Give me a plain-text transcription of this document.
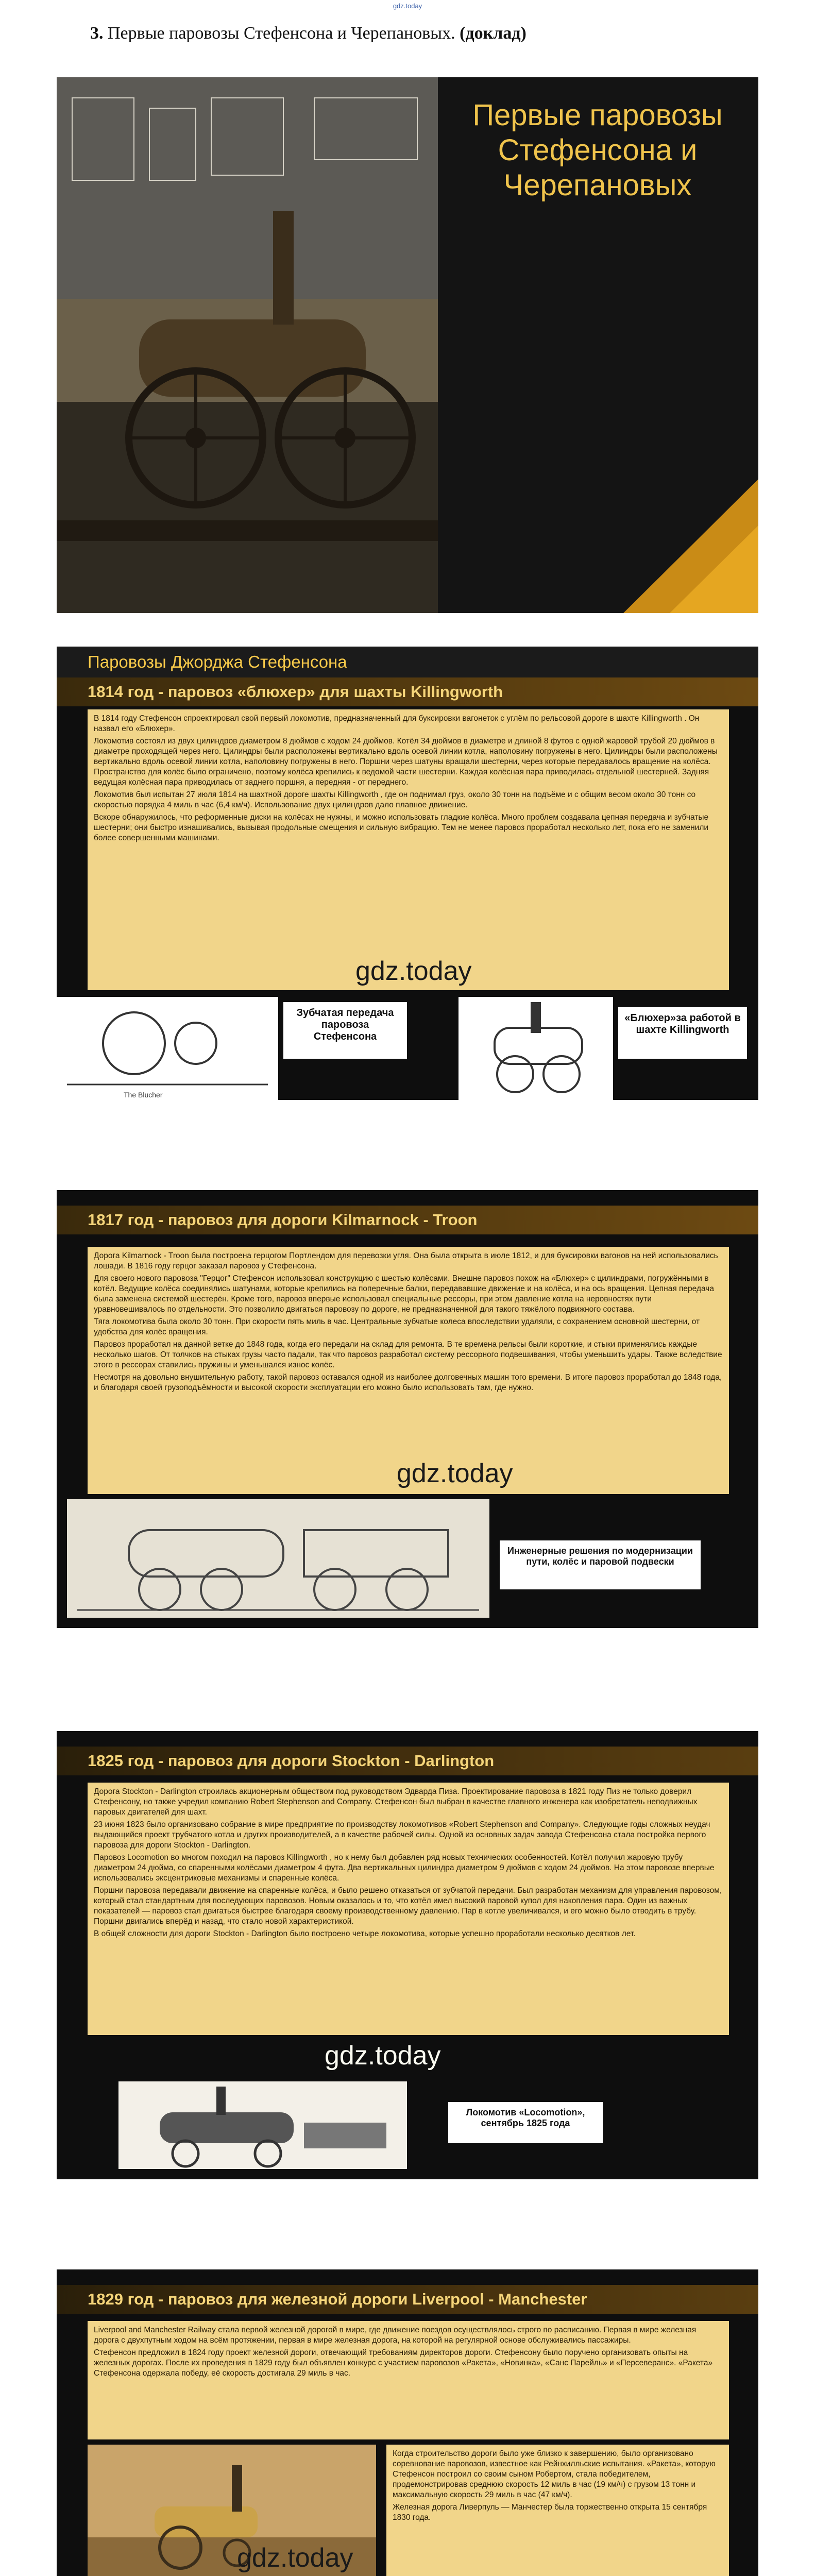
gdz.today
3. Первые паровозы Стефенсона и Черепановых. (доклад)
Первые паровозы Стефенсона и Черепановых
Паровозы Джорджа Стефенсона
1814 год - паровоз «блюхер» для шахты Killingworth

В 1814 году Стефенсон спроектировал свой первый локомотив, предназначенный для буксировки вагонеток с углём по рельсовой дороге в шахте Killingworth . Он назвал его «Блюхер».

Локомотив состоял из двух цилиндров диаметром 8 дюймов с ходом 24 дюймов. Котёл 34 дюймов в диаметре и длиной 8 футов с одной жаровой трубой 20 дюймов в диаметре проходящей через него. Цилиндры были расположены вертикально вдоль осевой линии котла, наполовину погружены в него. Цилиндры были расположены вертикально вдоль осевой линии котла, наполовину погружены в него. Поршни через шатуны вращали шестерни, через которые передавалось вращение на колёса. Пространство для колёс было ограничено, поэтому колёса крепились к ведомой части шестерни. Каждая колёсная пара приводилась отдельной шестерней. Задняя ведущая колёсная пара приводилась от заднего поршня, а передняя - от переднего.

Локомотив был испытан 27 июля 1814 на шахтной дороге шахты Killingworth , где он поднимал груз, около 30 тонн на подъёме и с общим весом около 30 тонн со скоростью порядка 4 миль в час (6,4 км/ч). Использование двух цилиндров дало плавное движение.

Вскоре обнаружилось, что реформенные диски на колёсах не нужны, и можно использовать гладкие колёса. Много проблем создавала цепная передача и зубчатые шестерни; они быстро изнашивались, вызывая продольные смещения и сильную вибрацию. Тем не менее паровоз проработал несколько лет, пока его не заменили более совершенными машинами.

gdz.today
The Blucher
Зубчатая передача паровоза Стефенсона
«Блюхер»за работой в шахте Killingworth
1817 год - паровоз для дороги Kilmarnock - Troon

Дорога Kilmarnock - Troon была построена герцогом Портлендом для перевозки угля. Она была открыта в июле 1812, и для буксировки вагонов на ней использовались лошади. В 1816 году герцог заказал паровоз у Стефенсона.

Для своего нового паровоза "Герцог" Стефенсон использовал конструкцию с шестью колёсами. Внешне паровоз похож на «Блюхер» с цилиндрами, погружёнными в котёл. Ведущие колёса соединялись шатунами, которые крепились на поперечные балки, передававшие движение и на колёса, и на ось вращения. Цепная передача была заменена системой шестерён. Кроме того, паровоз впервые использовал специальные рессоры, при этом давление котла на неровностях пути уравновешивалось по отдельности. Это позволило двигаться паровозу по дороге, не предназначенной для такого тяжёлого подвижного состава.

Тяга локомотива была около 30 тонн. При скорости пять миль в час. Центральные зубчатые колеса впоследствии удаляли, с сохранением основной шестерни, от удобства для колёс вращения.

Паровоз проработал на данной ветке до 1848 года, когда его передали на склад для ремонта. В те времена рельсы были короткие, и стыки применялись каждые несколько шагов. От толчков на стыках грузы часто падали, так что паровоз разработал систему рессорного подвешивания, чтобы уменьшить удары. Также вследствие этого в рессорах ставились пружины и уменьшался износ колёс.

Несмотря на довольно внушительную работу, такой паровоз оставался одной из наиболее долговечных машин того времени. В итоге паровоз проработал до 1848 года, и благодаря своей грузоподъёмности и высокой скорости эксплуатации его можно было использовать там, где нужно.

gdz.today
Инженерные решения по модернизации пути, колёс и паровой подвески
1825 год - паровоз для дороги Stockton - Darlington

Дорога Stockton - Darlington строилась акционерным обществом под руководством Эдварда Пиза. Проектирование паровоза в 1821 году Пиз не только доверил Стефенсону, но также учредил компанию Robert Stephenson and Company. Стефенсон был выбран в качестве главного инженера как изобретатель неподвижных паровых двигателей для шахт.

23 июня 1823 было организовано собрание в мире предприятие по производству локомотивов «Robert Stephenson and Company». Следующие годы сложных неудач выдающийся проект трубчатого котла и других производителей, а в качестве рабочей силы. Одной из основных задач завода Стефенсона стала постройка первого паровоза для дороги Stockton - Darlington.

Паровоз Locomotion во многом походил на паровоз Killingworth , но к нему был добавлен ряд новых технических особенностей. Котёл получил жаровую трубу диаметром 24 дюйма, со спаренными колёсами диаметром 4 фута. Два вертикальных цилиндра диаметром 9 дюймов с ходом 24 дюймов. На этом паровозе впервые использовались эксцентриковые механизмы и спаренные колёса.

Поршни паровоза передавали движение на спаренные колёса, и было решено отказаться от зубчатой передачи. Был разработан механизм для управления паровозом, который стал стандартным для последующих паровозов. Новым оказалось и то, что котёл имел высокий паровой купол для накопления пара. Один из важных показателей — паровоз стал двигаться быстрее благодаря своему производственному давлению. Пар в котле увеличивался, и его можно было отводить в трубу. Поршни двигались вперёд и назад, что стало новой характеристикой.

В общей сложности для дороги Stockton - Darlington было построено четыре локомотива, которые успешно проработали несколько десятков лет.

gdz.today
Локомотив «Locomotion», сентябрь 1825 года
1829 год - паровоз для железной дороги Liverpool - Manchester

Liverpool and Manchester Railway стала первой железной дорогой в мире, где движение поездов осуществлялось строго по расписанию. Первая в мире железная дорога с двухпутным ходом на всём протяжении, первая в мире железная дорога, на которой на регулярной основе обслуживались пассажиры.

Стефенсон предложил в 1824 году проект железной дороги, отвечающий требованиям директоров дороги. Стефенсону было поручено организовать опыты на железных дорогах. После их проведения в 1829 году был объявлен конкурс с участием паровозов «Ракета», «Новинка», «Санс Парейль» и «Персеверанс». «Ракета» Стефенсона одержала победу, её скорость достигала 29 миль в час.

Когда строительство дороги было уже близко к завершению, было организовано соревнование паровозов, известное как Рейнхилльские испытания. «Ракета», которую Стефенсон построил со своим сыном Робертом, стала победителем, продемонстрировав среднюю скорость 12 миль в час (19 км/ч) с грузом 13 тонн и максимальную скорость 29 миль в час (47 км/ч).

Железная дорога Ливерпуль — Манчестер была торжественно открыта 15 сентября 1830 года.

gdz.today
